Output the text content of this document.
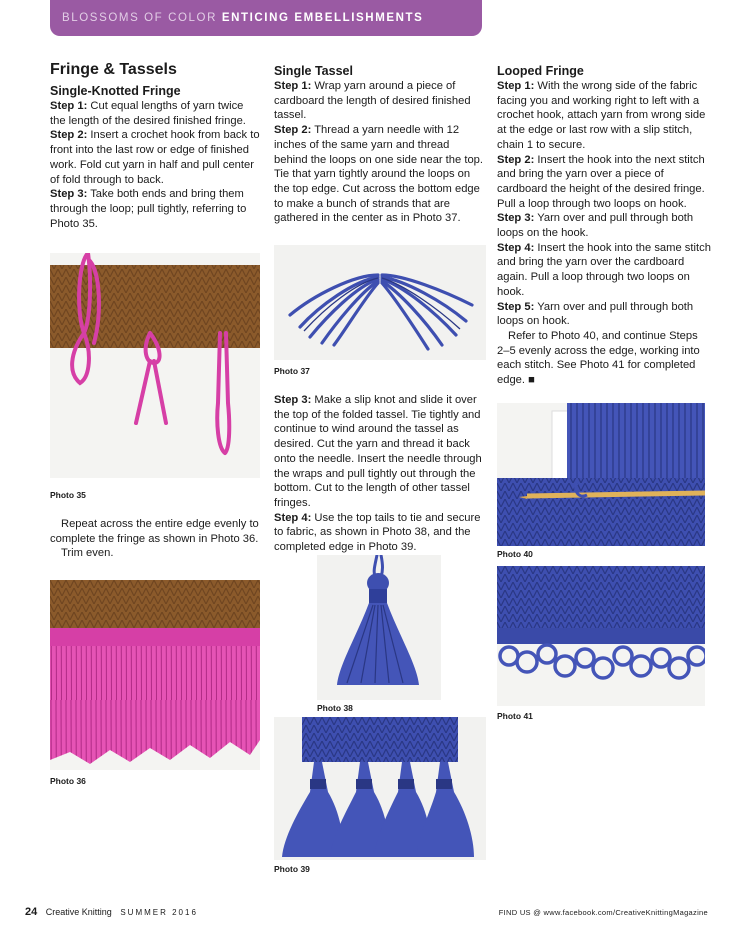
BLOSSOMS OF COLOR ENTICING EMBELLISHMENTS
Fringe & Tassels
Single-Knotted Fringe

Step 1: Cut equal lengths of yarn twice the length of the desired finished fringe.

Step 2: Insert a crochet hook from back to front into the last row or edge of finished work. Fold cut yarn in half and pull center of fold through to back.

Step 3: Take both ends and bring them through the loop; pull tightly, referring to Photo 35.

Photo 35

Repeat across the entire edge evenly to complete the fringe as shown in Photo 36.

Trim even.

Photo 36
Single Tassel

Step 1: Wrap yarn around a piece of cardboard the length of desired finished tassel.

Step 2: Thread a yarn needle with 12 inches of the same yarn and thread behind the loops on one side near the top. Tie that yarn tightly around the loops on the top edge. Cut across the bottom edge to make a bunch of strands that are gathered in the center as in Photo 37.

Photo 37

Step 3: Make a slip knot and slide it over the top of the folded tassel. Tie tightly and continue to wind around the tassel as desired. Cut the yarn and thread it back onto the needle. Insert the needle through the wraps and pull tightly out through the bottom. Cut to the length of other tassel fringes.

Step 4: Use the top tails to tie and secure to fabric, as shown in Photo 38, and the completed edge in Photo 39.

Photo 38
Photo 39
Looped Fringe

Step 1: With the wrong side of the fabric facing you and working right to left with a crochet hook, attach yarn from wrong side at the edge or last row with a slip stitch, chain 1 to secure.

Step 2: Insert the hook into the next stitch and bring the yarn over a piece of cardboard the height of the desired fringe. Pull a loop through two loops on hook.

Step 3: Yarn over and pull through both loops on the hook.

Step 4: Insert the hook into the same stitch and bring the yarn over the cardboard again. Pull a loop through two loops on hook.

Step 5: Yarn over and pull through both loops on hook.

Refer to Photo 40, and continue Steps 2–5 evenly across the edge, working into each stitch. See Photo 41 for completed edge. ■

Photo 40
Photo 41
24 Creative Knitting SUMMER 2016	FIND US @ www.facebook.com/CreativeKnittingMagazine
